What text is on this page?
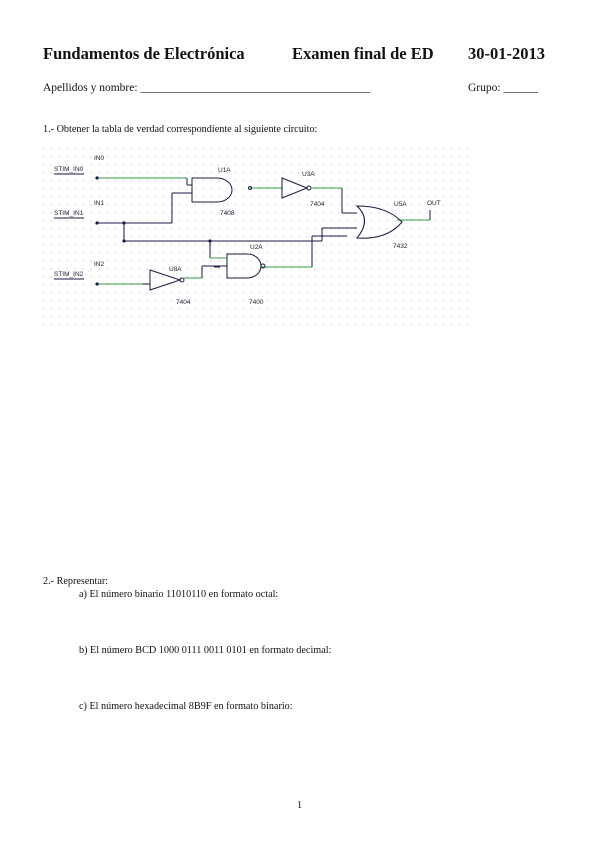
Fundamentos de Electrónica	Examen final de ED 30-01-2013
Apellidos y nombre: ________________________________________	Grupo: ______
1.- Obtener la tabla de verdad correspondiente al siguiente circuito:
STIM_IN0
STIM_IN1
STIM_IN2
IN0
IN1
IN2
U1A
7408
U3A
7404
U8A
7404
U2A
7400
U5A
7432
OUT
2.- Representar:
a) El número binario 11010110 en formato octal:
b) El número BCD 1000 0111 0011 0101 en formato decimal:
c) El número hexadecimal 8B9F en formato binario:
1
